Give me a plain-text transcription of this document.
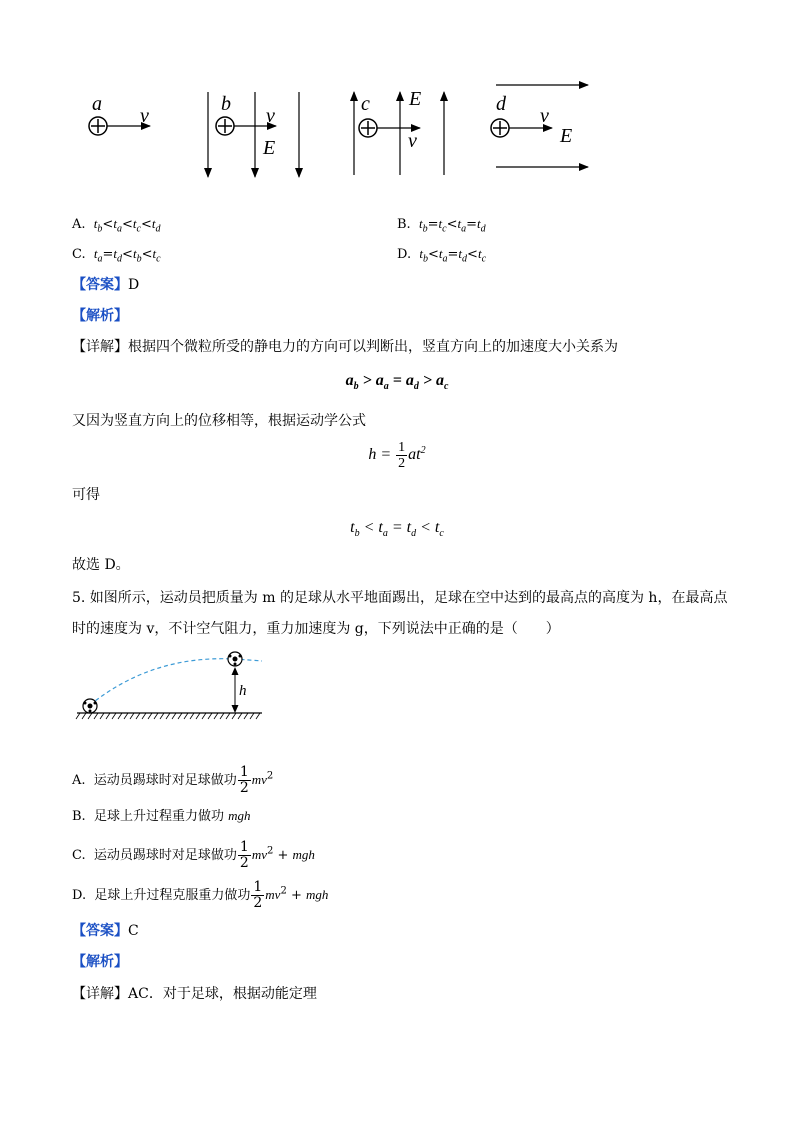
a
v
b
v
E
c E
v
d
v
E
A. $t_b<t_a<t_c<t_d$	B. $t_b=t_c<t_a=t_d$
C. $t_a=t_d<t_b<t_c$	D. $t_b<t_a=t_d<t_c$
【答案】D
【解析】
【详解】根据四个微粒所受的静电力的方向可以判断出，竖直方向上的加速度大小关系为
$a_b > a_a = a_d > a_c$
又因为竖直方向上的位移相等，根据运动学公式
$h = \frac{1}{2} at^2$
可得
$t_b < t_a = t_d < t_c$
故选 D。
5. 如图所示，运动员把质量为 m 的足球从水平地面踢出，足球在空中达到的最高点的高度为 h，在最高点
时的速度为 v，不计空气阻力，重力加速度为 g，下列说法中正确的是（　　）
h
A. 运动员踢球时对足球做功 $\frac{1}{2} mv^2$
B. 足球上升过程重力做功 mgh
C. 运动员踢球时对足球做功 $\frac{1}{2} mv^2$ + mgh
D. 足球上升过程克服重力做功 $\frac{1}{2} mv^2$ + mgh
【答案】C
【解析】
【详解】AC．对于足球，根据动能定理
